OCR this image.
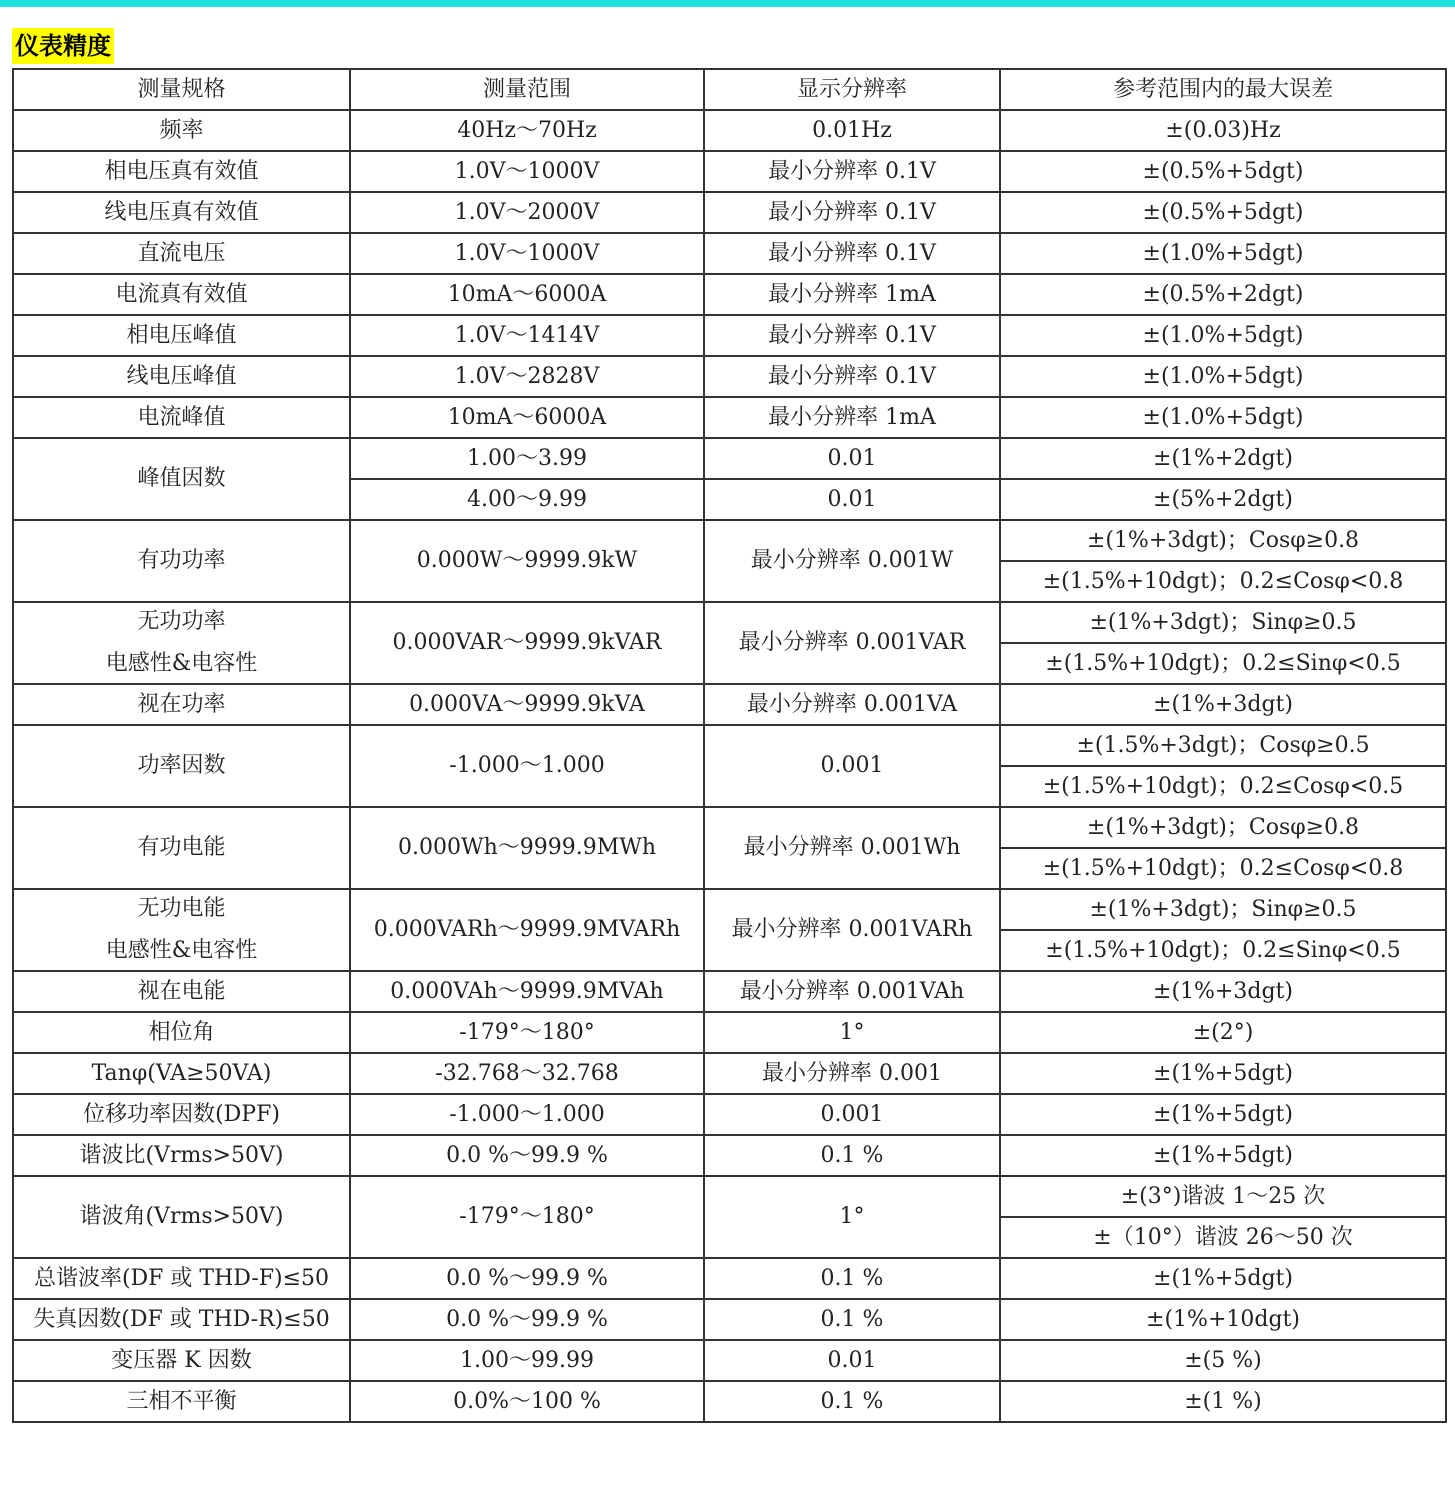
仪表精度
测量规格	测量范围	显示分辨率	参考范围内的最大误差

频率	40Hz～70Hz	0.01Hz	±(0.03)Hz

相电压真有效值	1.0V～1000V	最小分辨率 0.1V	±(0.5%+5dgt)

线电压真有效值	1.0V～2000V	最小分辨率 0.1V	±(0.5%+5dgt)

直流电压	1.0V～1000V	最小分辨率 0.1V	±(1.0%+5dgt)

电流真有效值	10mA～6000A	最小分辨率 1mA	±(0.5%+2dgt)

相电压峰值	1.0V～1414V	最小分辨率 0.1V	±(1.0%+5dgt)

线电压峰值	1.0V～2828V	最小分辨率 0.1V	±(1.0%+5dgt)

电流峰值	10mA～6000A	最小分辨率 1mA	±(1.0%+5dgt)

峰值因数	1.00～3.99	0.01	±(1%+2dgt)
	4.00～9.99	0.01	±(5%+2dgt)

有功功率	0.000W～9999.9kW	最小分辨率 0.001W	±(1%+3dgt)；Cosφ≥0.8
			±(1.5%+10dgt)；0.2≤Cosφ<0.8

无功功率
电感性&电容性	0.000VAR～9999.9kVAR	最小分辨率 0.001VAR	±(1%+3dgt)；Sinφ≥0.5
			±(1.5%+10dgt)；0.2≤Sinφ<0.5

视在功率	0.000VA～9999.9kVA	最小分辨率 0.001VA	±(1%+3dgt)

功率因数	-1.000～1.000	0.001	±(1.5%+3dgt)；Cosφ≥0.5
			±(1.5%+10dgt)；0.2≤Cosφ<0.5

有功电能	0.000Wh～9999.9MWh	最小分辨率 0.001Wh	±(1%+3dgt)；Cosφ≥0.8
			±(1.5%+10dgt)；0.2≤Cosφ<0.8

无功电能
电感性&电容性	0.000VARh～9999.9MVARh	最小分辨率 0.001VARh	±(1%+3dgt)；Sinφ≥0.5
			±(1.5%+10dgt)；0.2≤Sinφ<0.5

视在电能	0.000VAh～9999.9MVAh	最小分辨率 0.001VAh	±(1%+3dgt)

相位角	-179°～180°	1°	±(2°)

Tanφ(VA≥50VA)	-32.768～32.768	最小分辨率 0.001	±(1%+5dgt)

位移功率因数(DPF)	-1.000～1.000	0.001	±(1%+5dgt)

谐波比(Vrms>50V)	0.0 %～99.9 %	0.1 %	±(1%+5dgt)

谐波角(Vrms>50V)	-179°～180°	1°	±(3°)谐波 1～25 次
			±（10°）谐波 26～50 次

总谐波率(DF 或 THD-F)≤50	0.0 %～99.9 %	0.1 %	±(1%+5dgt)

失真因数(DF 或 THD-R)≤50	0.0 %～99.9 %	0.1 %	±(1%+10dgt)

变压器 K 因数	1.00～99.99	0.01	±(5 %)

三相不平衡	0.0%～100 %	0.1 %	±(1 %)
